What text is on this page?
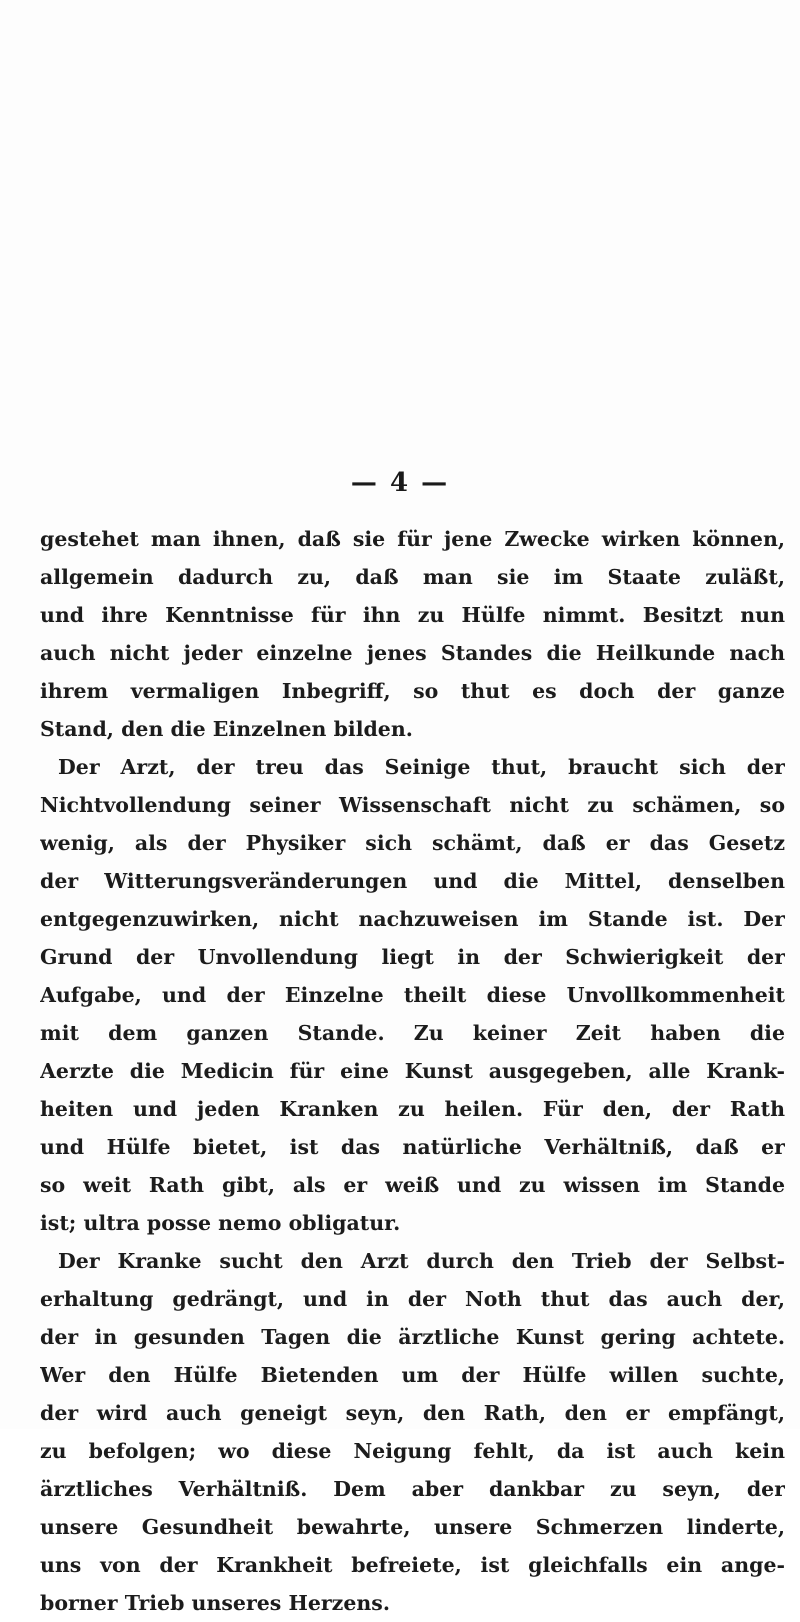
— 4 —
gestehet man ihnen, daß sie für jene Zwecke wirken können,
allgemein dadurch zu, daß man sie im Staate zuläßt,
und ihre Kenntnisse für ihn zu Hülfe nimmt. Besitzt nun
auch nicht jeder einzelne jenes Standes die Heilkunde nach
ihrem vermaligen Inbegriff, so thut es doch der ganze
Stand, den die Einzelnen bilden.
Der Arzt, der treu das Seinige thut, braucht sich der
Nichtvollendung seiner Wissenschaft nicht zu schämen, so
wenig, als der Physiker sich schämt, daß er das Gesetz
der Witterungsveränderungen und die Mittel, denselben
entgegenzuwirken, nicht nachzuweisen im Stande ist. Der
Grund der Unvollendung liegt in der Schwierigkeit der
Aufgabe, und der Einzelne theilt diese Unvollkommenheit
mit dem ganzen Stande. Zu keiner Zeit haben die
Aerzte die Medicin für eine Kunst ausgegeben, alle Krank-
heiten und jeden Kranken zu heilen. Für den, der Rath
und Hülfe bietet, ist das natürliche Verhältniß, daß er
so weit Rath gibt, als er weiß und zu wissen im Stande
ist; ultra posse nemo obligatur.
Der Kranke sucht den Arzt durch den Trieb der Selbst-
erhaltung gedrängt, und in der Noth thut das auch der,
der in gesunden Tagen die ärztliche Kunst gering achtete.
Wer den Hülfe Bietenden um der Hülfe willen suchte,
der wird auch geneigt seyn, den Rath, den er empfängt,
zu befolgen; wo diese Neigung fehlt, da ist auch kein
ärztliches Verhältniß. Dem aber dankbar zu seyn, der
unsere Gesundheit bewahrte, unsere Schmerzen linderte,
uns von der Krankheit befreiete, ist gleichfalls ein ange-
borner Trieb unseres Herzens.
